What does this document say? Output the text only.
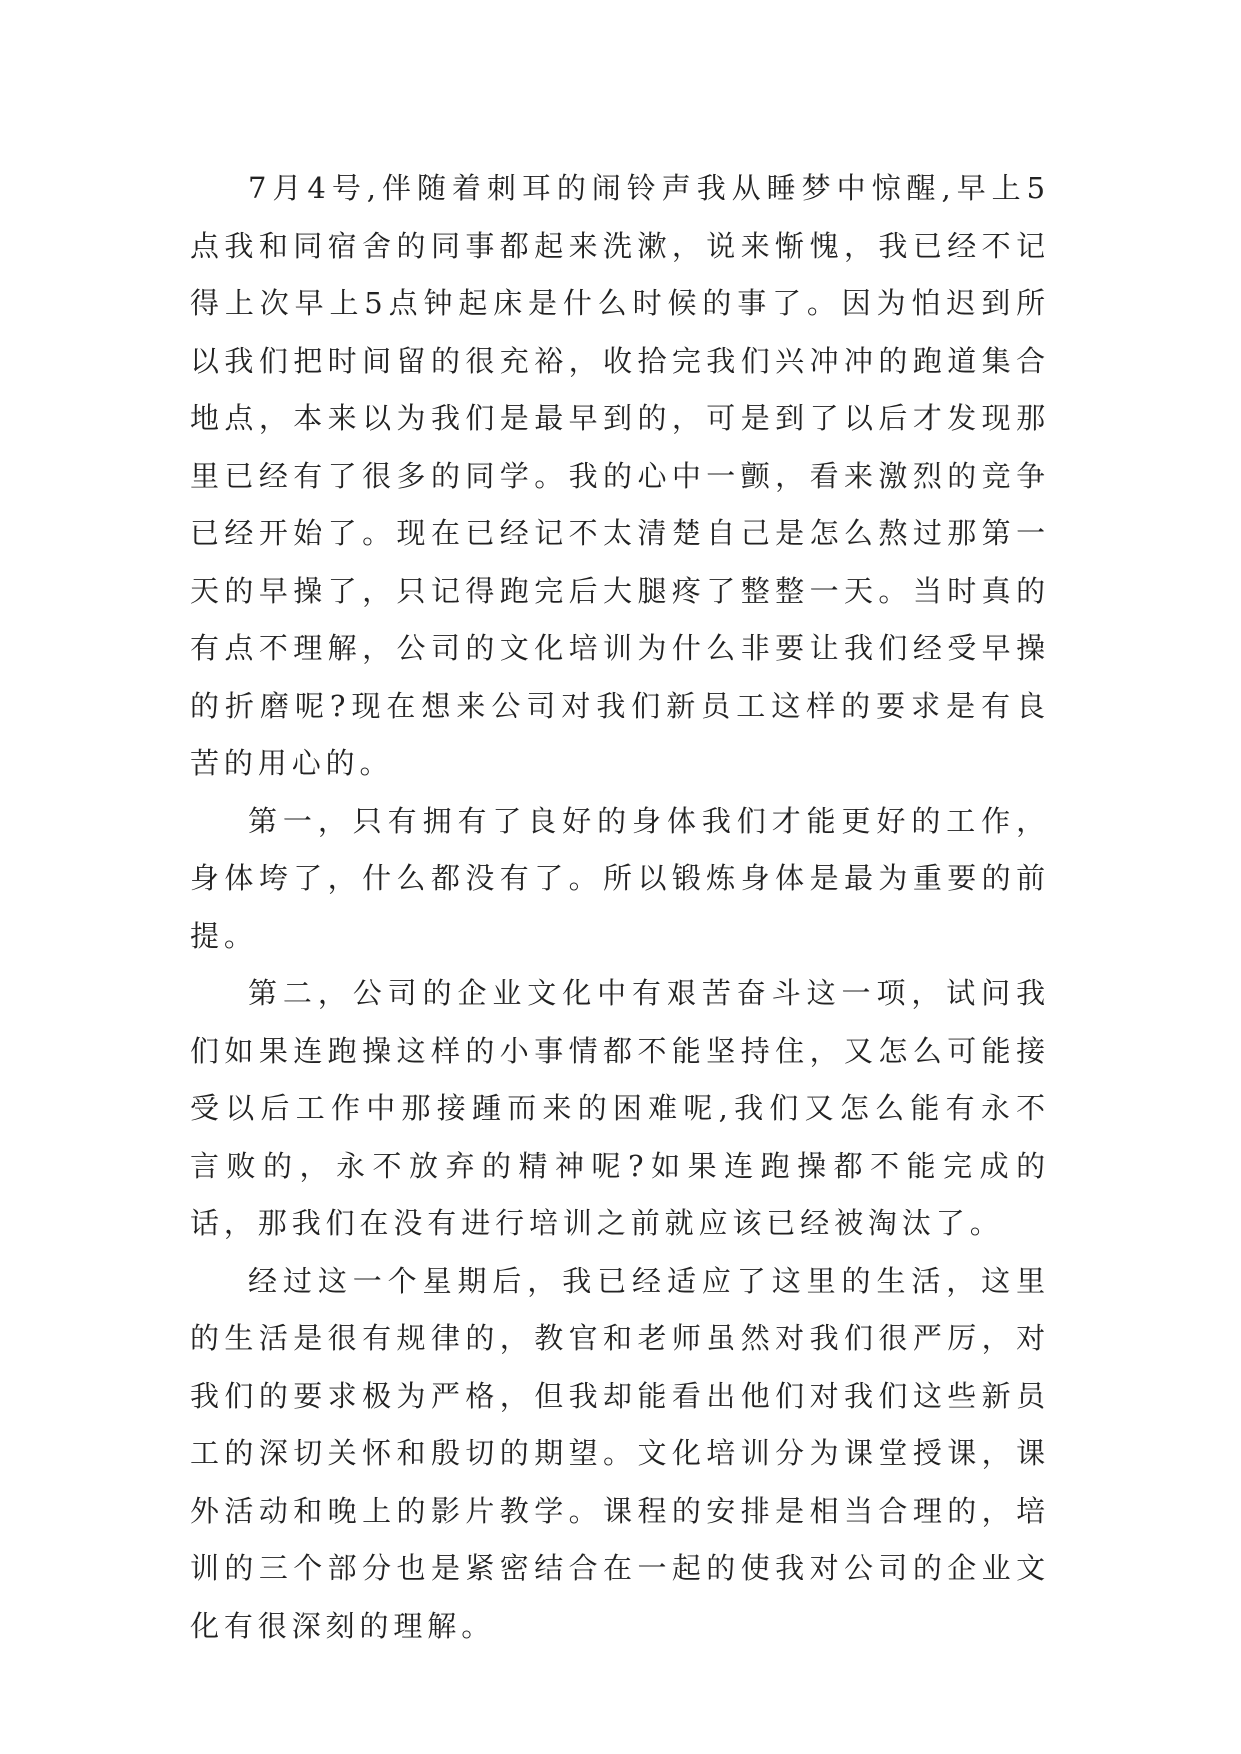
7月4号,伴随着刺耳的闹铃声我从睡梦中惊醒,早上5点我和同宿舍的同事都起来洗漱，说来惭愧，我已经不记得上次早上5点钟起床是什么时候的事了。因为怕迟到所以我们把时间留的很充裕，收拾完我们兴冲冲的跑道集合地点，本来以为我们是最早到的，可是到了以后才发现那里已经有了很多的同学。我的心中一颤，看来激烈的竞争已经开始了。现在已经记不太清楚自己是怎么熬过那第一天的早操了，只记得跑完后大腿疼了整整一天。当时真的有点不理解，公司的文化培训为什么非要让我们经受早操的折磨呢?现在想来公司对我们新员工这样的要求是有良苦的用心的。

第一，只有拥有了良好的身体我们才能更好的工作，身体垮了，什么都没有了。所以锻炼身体是最为重要的前提。

第二，公司的企业文化中有艰苦奋斗这一项，试问我们如果连跑操这样的小事情都不能坚持住，又怎么可能接受以后工作中那接踵而来的困难呢,我们又怎么能有永不言败的，永不放弃的精神呢?如果连跑操都不能完成的话，那我们在没有进行培训之前就应该已经被淘汰了。

经过这一个星期后，我已经适应了这里的生活，这里的生活是很有规律的，教官和老师虽然对我们很严厉，对我们的要求极为严格，但我却能看出他们对我们这些新员工的深切关怀和殷切的期望。文化培训分为课堂授课，课外活动和晚上的影片教学。课程的安排是相当合理的，培训的三个部分也是紧密结合在一起的使我对公司的企业文化有很深刻的理解。
